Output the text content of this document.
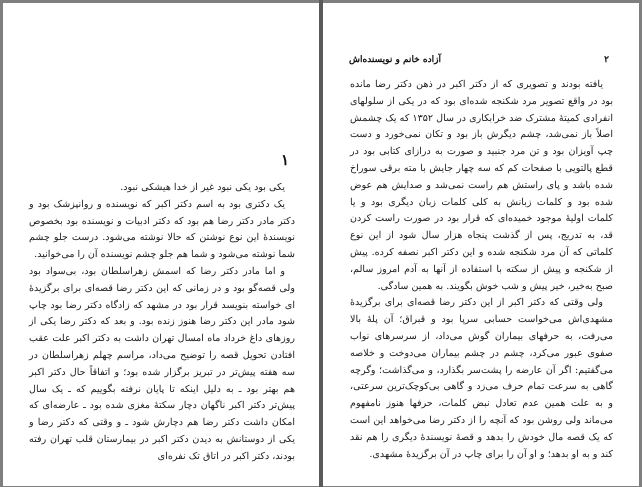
۱

یکی بود یکی نبود غیر از خدا هیشکی نبود.

یک دکتری بود به اسم دکتر اکبر که نویسنده و روانپزشک بود و دکتر مادر دکتر رضا هم بود که دکتر ادبیات و نویسنده بود بخصوص نویسندهٔ این نوع نوشتن که حالا نوشته می‌شود. درست جلو چشم شما نوشته می‌شود و شما هم جلو چشم نویسنده آن را می‌خوانید.

و اما مادر دکتر رضا که اسمش زهراسلطان بود، بی‌سواد بود ولی قصه‌گو بود و در زمانی که این دکتر رضا قصه‌ای برای برگزیدهٔ ای خواسته بنویسد قرار بود در مشهد که زادگاه دکتر رضا بود چاپ شود مادر این دکتر رضا هنوز زنده بود. و بعد که دکتر رضا یکی از روزهای داغ خرداد ماه امسال تهران داشت به دکتر اکبر علت عقب افتادن تحویل قصه را توضیح می‌داد، مراسم چهلم زهراسلطان در سه هفته پیش‌تر در تبریز برگزار شده بود؛ و اتفاقاً حال دکتر اکبر هم بهتر بود ـ به دلیل اینکه تا پایان نرفته بگوییم که ـ یک سال پیش‌تر دکتر اکبر ناگهان دچار سکتهٔ مغزی شده بود ـ عارضه‌ای که امکان داشت دکتر رضا هم دچارش شود ـ و وقتی که دکتر رضا و یکی از دوستانش به دیدن دکتر اکبر در بیمارستان قلب تهران رفته بودند، دکتر اکبر در اتاق تک نفره‌ای

آزاده خانم و نویسنده‌اش	۲

یافته بودند و تصویری که از دکتر اکبر در ذهن دکتر رضا مانده بود در واقع تصویر مرد شکنجه شده‌ای بود که در یکی از سلولهای انفرادی کمیتهٔ مشترک ضد خرابکاری در سال ۱۳۵۲ که یک چشمش اصلاً باز نمی‌شد، چشم دیگرش باز بود و تکان نمی‌خورد و دست چپ آویزان بود و تن مرد جنبید و صورت به درازای کتابی بود در قطع پالتویی با صفحات کم که سه چهار جایش با مته برقی سوراخ شده باشد و پای راستش هم راست نمی‌شد و صدایش هم عوض شده بود و کلمات زبانش به کلی کلمات زبان دیگری بود و یا کلمات اولیهٔ موجود خمیده‌ای که قرار بود در صورت راست کردن قد، به تدریج، پس از گذشت پنجاه هزار سال شود از این نوع کلماتی که آن مرد شکنجه شده و این دکتر اکبر نصفه کرده. پیش از شکنجه و پیش از سکته با استفاده از آنها به آدم امروز سالم، صبح به‌خیر، خیر پیش و شب خوش بگویند. به همین سادگی.

ولی وقتی که دکتر اکبر از این دکتر رضا قصه‌ای برای برگزیدهٔ مشهدی‌اش می‌خواست حسابی سرپا بود و قبراق؛ آن پلهٔ بالا می‌رفت، به حرفهای بیماران گوش می‌داد، از سرسرهای نواب صفوی عبور می‌کرد، چشم در چشم بیماران می‌دوخت و خلاصه می‌گفتیم: اگر آن عارضه را پشت‌سر بگذارد، و می‌گذاشت؛ وگرچه گاهی به سرعت تمام حرف می‌زد و گاهی بی‌کوچک‌ترین سرعتی، و به علت همین عدم تعادل نبض کلمات، حرفها هنوز نامفهوم می‌ماند ولی روشن بود که آنچه را از دکتر رضا می‌خواهد این است که یک قصه مال خودش را بدهد و قصهٔ نویسندهٔ دیگری را هم نقد کند و به او بدهد؛ و او آن را برای چاپ در آن برگزیدهٔ مشهدی.
